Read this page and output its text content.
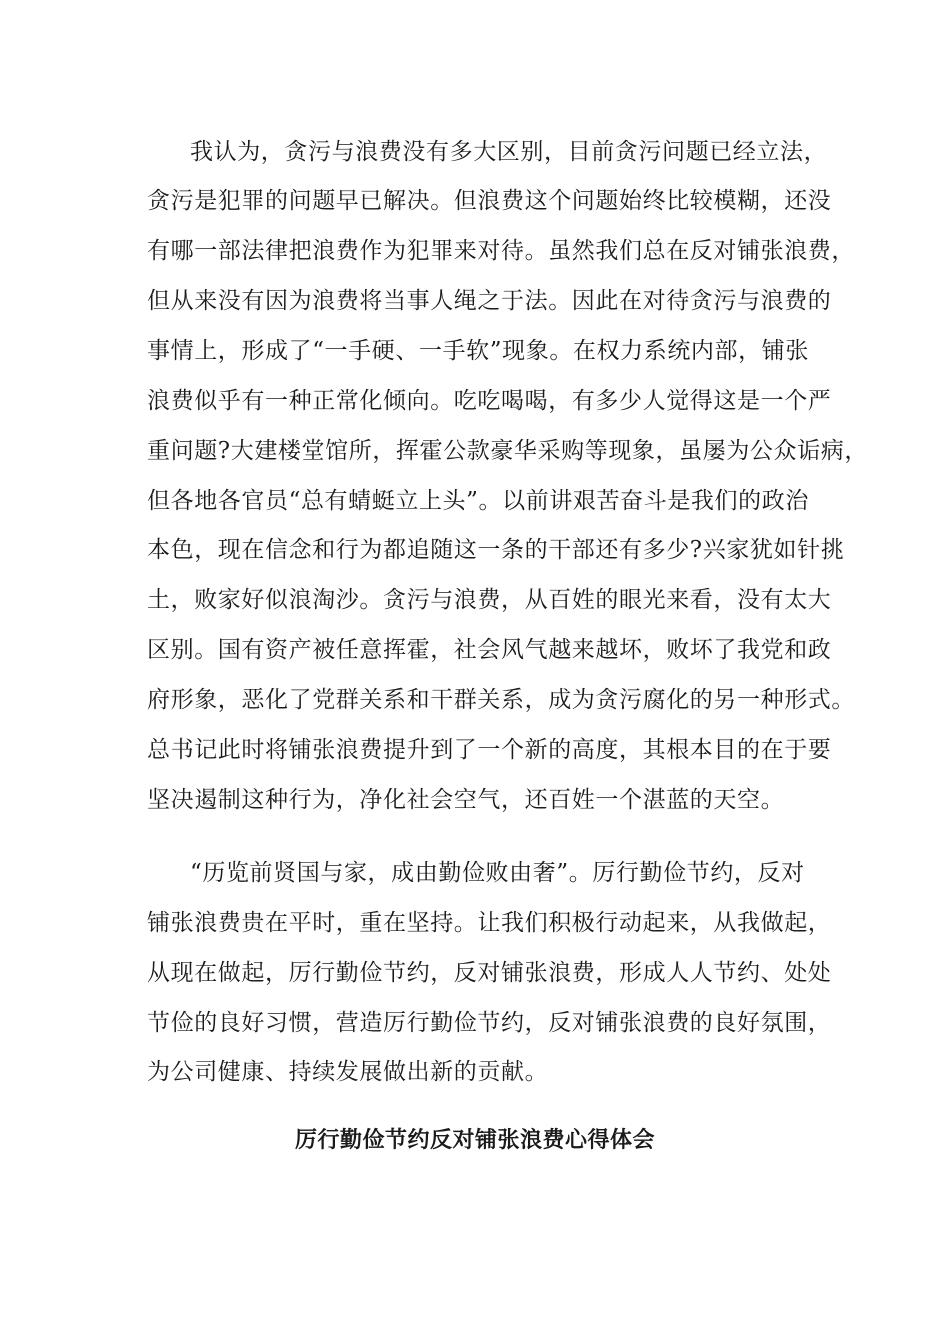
我认为，贪污与浪费没有多大区别，目前贪污问题已经立法，
贪污是犯罪的问题早已解决。但浪费这个问题始终比较模糊，还没
有哪一部法律把浪费作为犯罪来对待。虽然我们总在反对铺张浪费，
但从来没有因为浪费将当事人绳之于法。因此在对待贪污与浪费的
事情上，形成了“一手硬、一手软”现象。在权力系统内部，铺张
浪费似乎有一种正常化倾向。吃吃喝喝，有多少人觉得这是一个严
重问题?大建楼堂馆所，挥霍公款豪华采购等现象，虽屡为公众诟病，
但各地各官员“总有蜻蜓立上头”。以前讲艰苦奋斗是我们的政治
本色，现在信念和行为都追随这一条的干部还有多少?兴家犹如针挑
土，败家好似浪淘沙。贪污与浪费，从百姓的眼光来看，没有太大
区别。国有资产被任意挥霍，社会风气越来越坏，败坏了我党和政
府形象，恶化了党群关系和干群关系，成为贪污腐化的另一种形式。
总书记此时将铺张浪费提升到了一个新的高度，其根本目的在于要
坚决遏制这种行为，净化社会空气，还百姓一个湛蓝的天空。
“历览前贤国与家，成由勤俭败由奢”。厉行勤俭节约，反对
铺张浪费贵在平时，重在坚持。让我们积极行动起来，从我做起，
从现在做起，厉行勤俭节约，反对铺张浪费，形成人人节约、处处
节俭的良好习惯，营造厉行勤俭节约，反对铺张浪费的良好氛围，
为公司健康、持续发展做出新的贡献。
厉行勤俭节约反对铺张浪费心得体会
